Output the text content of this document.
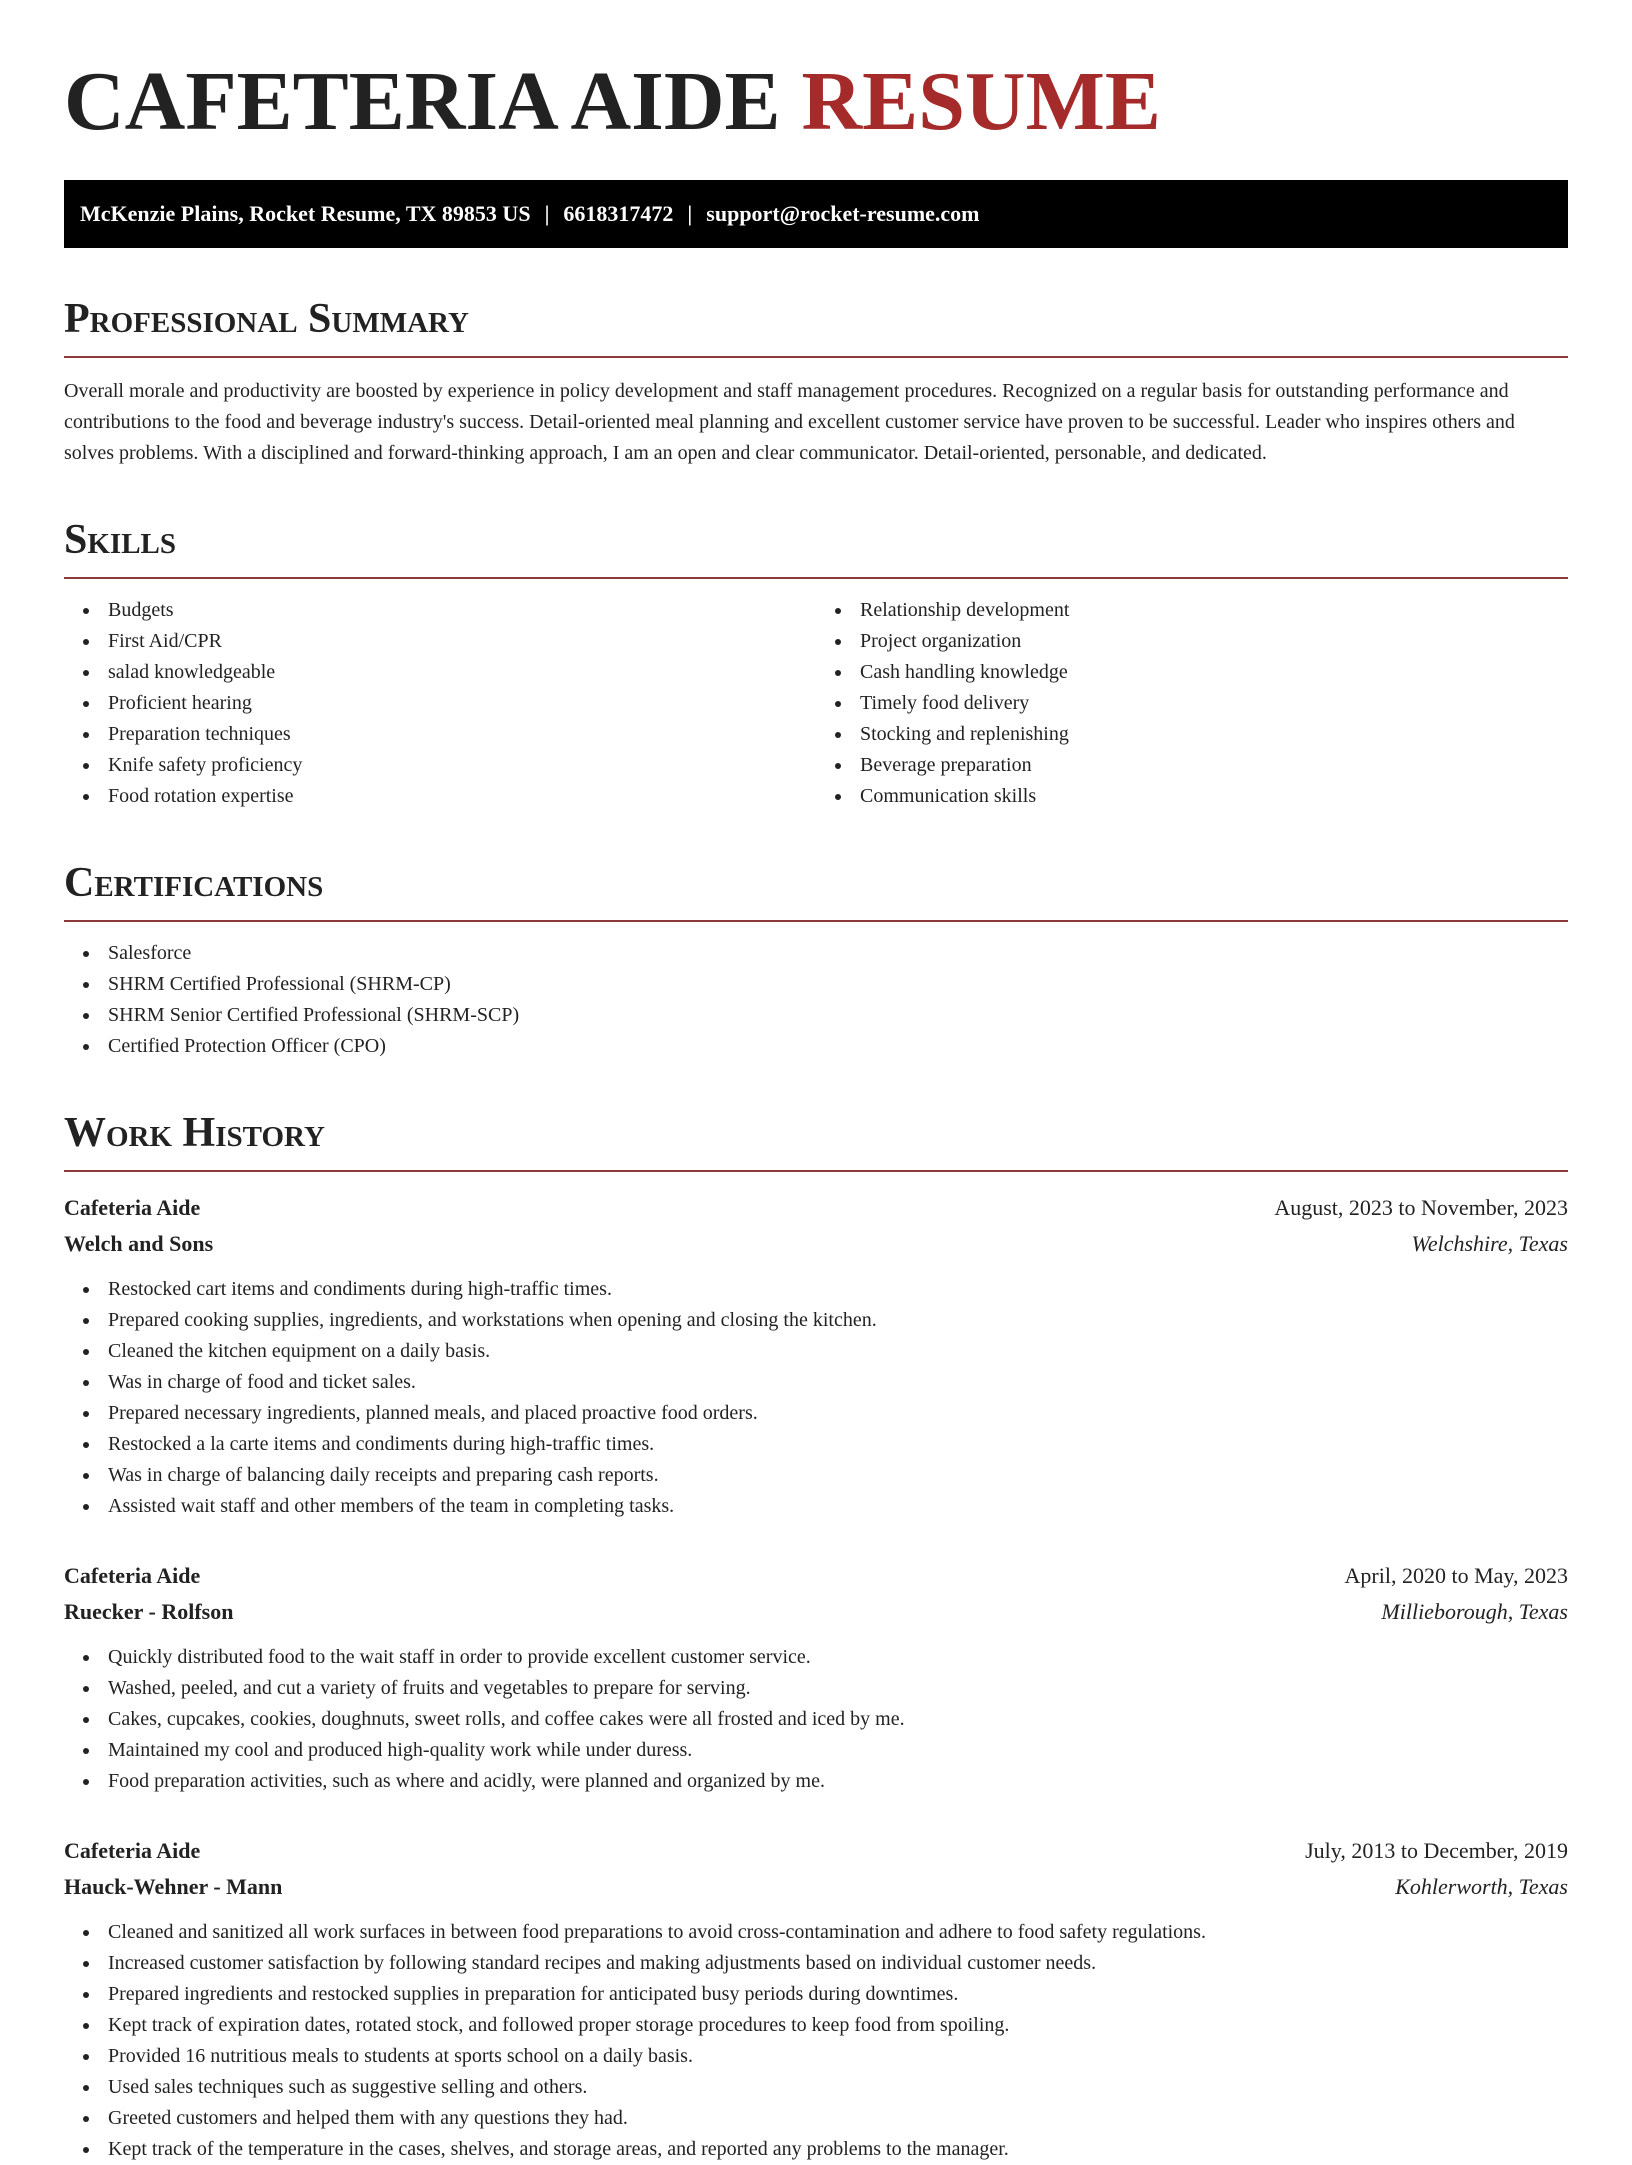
CAFETERIA AIDE RESUME
McKenzie Plains, Rocket Resume, TX 89853 US | 6618317472 | support@rocket-resume.com
Professional Summary

Overall morale and productivity are boosted by experience in policy development and staff management procedures. Recognized on a regular basis for outstanding performance and contributions to the food and beverage industry's success. Detail-oriented meal planning and excellent customer service have proven to be successful. Leader who inspires others and solves problems. With a disciplined and forward-thinking approach, I am an open and clear communicator. Detail-oriented, personable, and dedicated.

Skills
Budgets
First Aid/CPR
salad knowledgeable
Proficient hearing
Preparation techniques
Knife safety proficiency
Food rotation expertise
Relationship development
Project organization
Cash handling knowledge
Timely food delivery
Stocking and replenishing
Beverage preparation
Communication skills
Certifications
Salesforce
SHRM Certified Professional (SHRM-CP)
SHRM Senior Certified Professional (SHRM-SCP)
Certified Protection Officer (CPO)
Work History
Cafeteria Aide	August, 2023 to November, 2023
Welch and Sons	Welchshire, Texas
Restocked cart items and condiments during high-traffic times.
Prepared cooking supplies, ingredients, and workstations when opening and closing the kitchen.
Cleaned the kitchen equipment on a daily basis.
Was in charge of food and ticket sales.
Prepared necessary ingredients, planned meals, and placed proactive food orders.
Restocked a la carte items and condiments during high-traffic times.
Was in charge of balancing daily receipts and preparing cash reports.
Assisted wait staff and other members of the team in completing tasks.
Cafeteria Aide	April, 2020 to May, 2023
Ruecker - Rolfson	Millieborough, Texas
Quickly distributed food to the wait staff in order to provide excellent customer service.
Washed, peeled, and cut a variety of fruits and vegetables to prepare for serving.
Cakes, cupcakes, cookies, doughnuts, sweet rolls, and coffee cakes were all frosted and iced by me.
Maintained my cool and produced high-quality work while under duress.
Food preparation activities, such as where and acidly, were planned and organized by me.
Cafeteria Aide	July, 2013 to December, 2019
Hauck-Wehner - Mann	Kohlerworth, Texas
Cleaned and sanitized all work surfaces in between food preparations to avoid cross-contamination and adhere to food safety regulations.
Increased customer satisfaction by following standard recipes and making adjustments based on individual customer needs.
Prepared ingredients and restocked supplies in preparation for anticipated busy periods during downtimes.
Kept track of expiration dates, rotated stock, and followed proper storage procedures to keep food from spoiling.
Provided 16 nutritious meals to students at sports school on a daily basis.
Used sales techniques such as suggestive selling and others.
Greeted customers and helped them with any questions they had.
Kept track of the temperature in the cases, shelves, and storage areas, and reported any problems to the manager.
